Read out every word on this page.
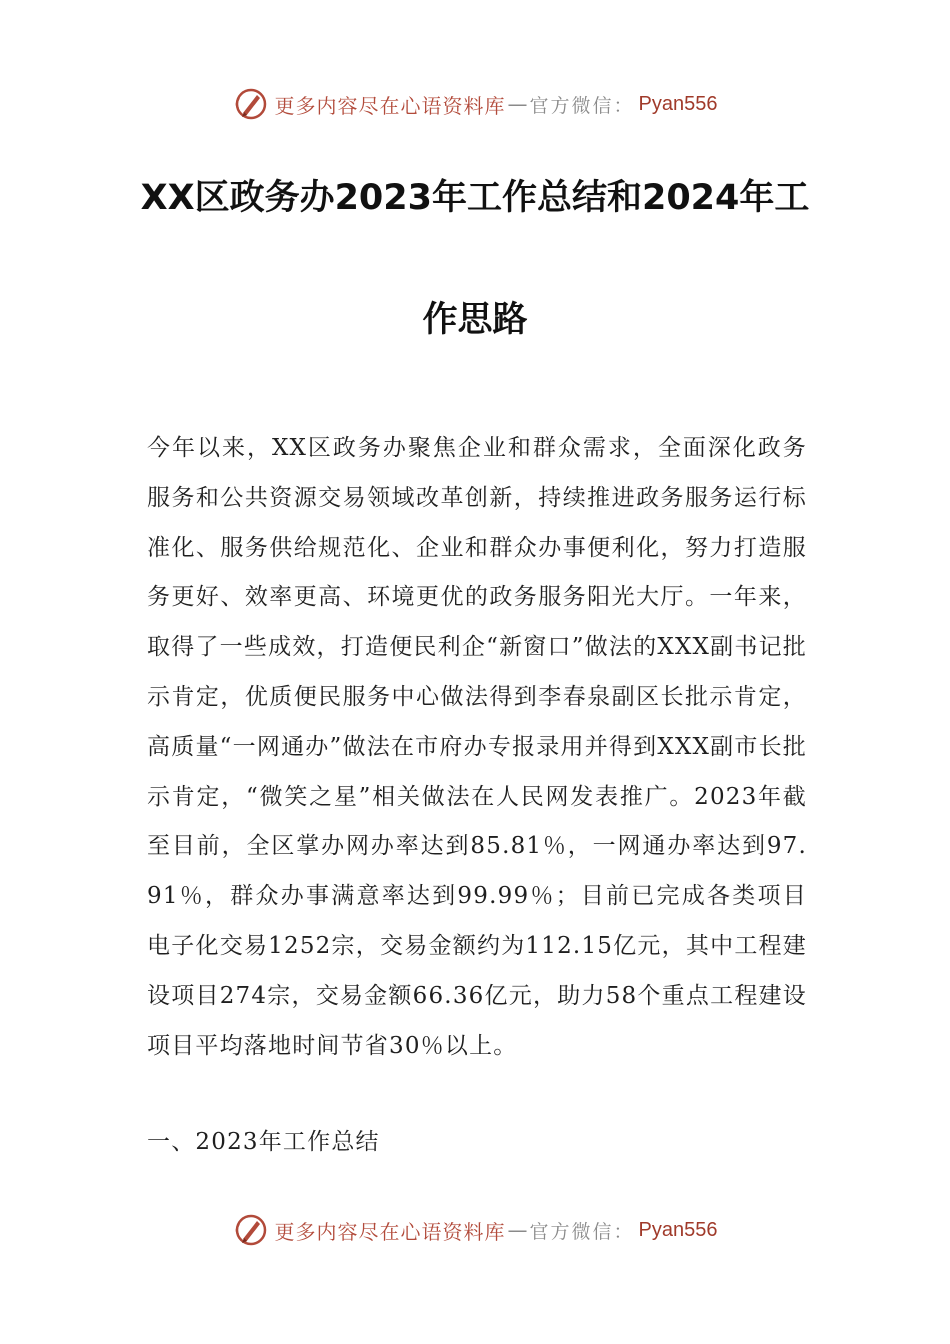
更多内容尽在心语资料库 — 官方微信： Pyan556
XX区政务办2023年工作总结和2024年工
作思路

今年以来，XX区政务办聚焦企业和群众需求，全面深化政务服务和公共资源交易领域改革创新，持续推进政务服务运行标准化、服务供给规范化、企业和群众办事便利化，努力打造服务更好、效率更高、环境更优的政务服务阳光大厅。一年来，取得了一些成效，打造便民利企“新窗口”做法的XXX副书记批示肯定，优质便民服务中心做法得到李春泉副区长批示肯定，高质量“一网通办”做法在市府办专报录用并得到XXX副市长批示肯定，“微笑之星”相关做法在人民网发表推广。2023年截至目前，全区掌办网办率达到85.81％，一网通办率达到97.91％，群众办事满意率达到99.99％；目前已完成各类项目电子化交易1252宗，交易金额约为112.15亿元，其中工程建设项目274宗，交易金额66.36亿元，助力58个重点工程建设项目平均落地时间节省30％以上。

一、2023年工作总结

更多内容尽在心语资料库 — 官方微信： Pyan556
